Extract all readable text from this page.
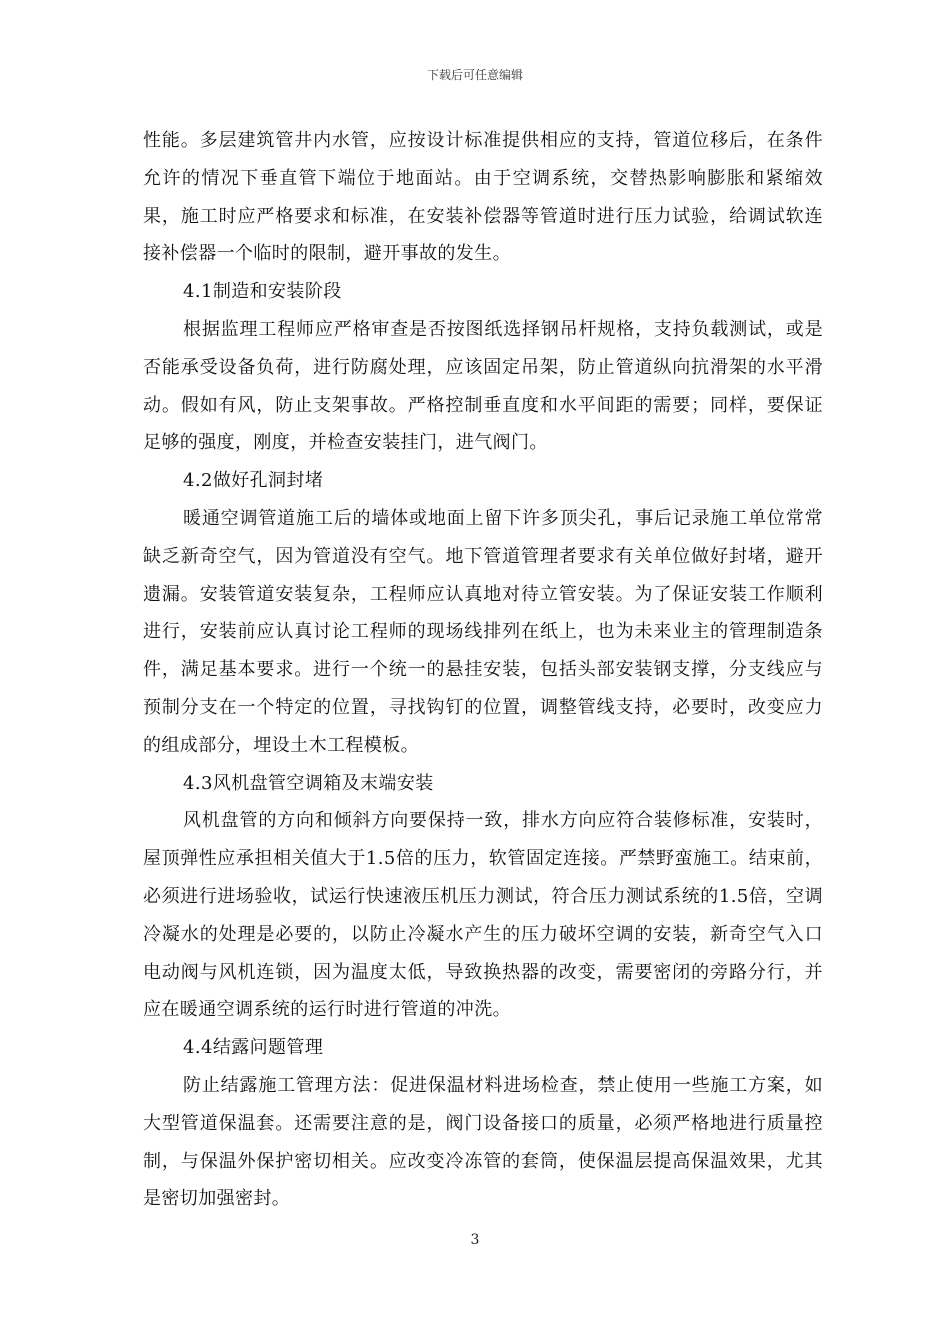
下载后可任意编辑

性能。多层建筑管井内水管，应按设计标准提供相应的支持，管道位移后，在条件允许的情况下垂直管下端位于地面站。由于空调系统，交替热影响膨胀和紧缩效果，施工时应严格要求和标准，在安装补偿器等管道时进行压力试验，给调试软连接补偿器一个临时的限制，避开事故的发生。

4.1制造和安装阶段

根据监理工程师应严格审查是否按图纸选择钢吊杆规格，支持负载测试，或是否能承受设备负荷，进行防腐处理，应该固定吊架，防止管道纵向抗滑架的水平滑动。假如有风，防止支架事故。严格控制垂直度和水平间距的需要；同样，要保证足够的强度，刚度，并检查安装挂门，进气阀门。

4.2做好孔洞封堵

暖通空调管道施工后的墙体或地面上留下许多顶尖孔，事后记录施工单位常常缺乏新奇空气，因为管道没有空气。地下管道管理者要求有关单位做好封堵，避开遗漏。安装管道安装复杂，工程师应认真地对待立管安装。为了保证安装工作顺利进行，安装前应认真讨论工程师的现场线排列在纸上，也为未来业主的管理制造条件，满足基本要求。进行一个统一的悬挂安装，包括头部安装钢支撑，分支线应与预制分支在一个特定的位置，寻找钩钉的位置，调整管线支持，必要时，改变应力的组成部分，埋设土木工程模板。

4.3风机盘管空调箱及末端安装

风机盘管的方向和倾斜方向要保持一致，排水方向应符合装修标准，安装时，屋顶弹性应承担相关值大于1.5倍的压力，软管固定连接。严禁野蛮施工。结束前，必须进行进场验收，试运行快速液压机压力测试，符合压力测试系统的1.5倍，空调冷凝水的处理是必要的，以防止冷凝水产生的压力破坏空调的安装，新奇空气入口电动阀与风机连锁，因为温度太低，导致换热器的改变，需要密闭的旁路分行，并应在暖通空调系统的运行时进行管道的冲洗。

4.4结露问题管理

防止结露施工管理方法：促进保温材料进场检查，禁止使用一些施工方案，如大型管道保温套。还需要注意的是，阀门设备接口的质量，必须严格地进行质量控制，与保温外保护密切相关。应改变冷冻管的套筒，使保温层提高保温效果，尤其是密切加强密封。

3
